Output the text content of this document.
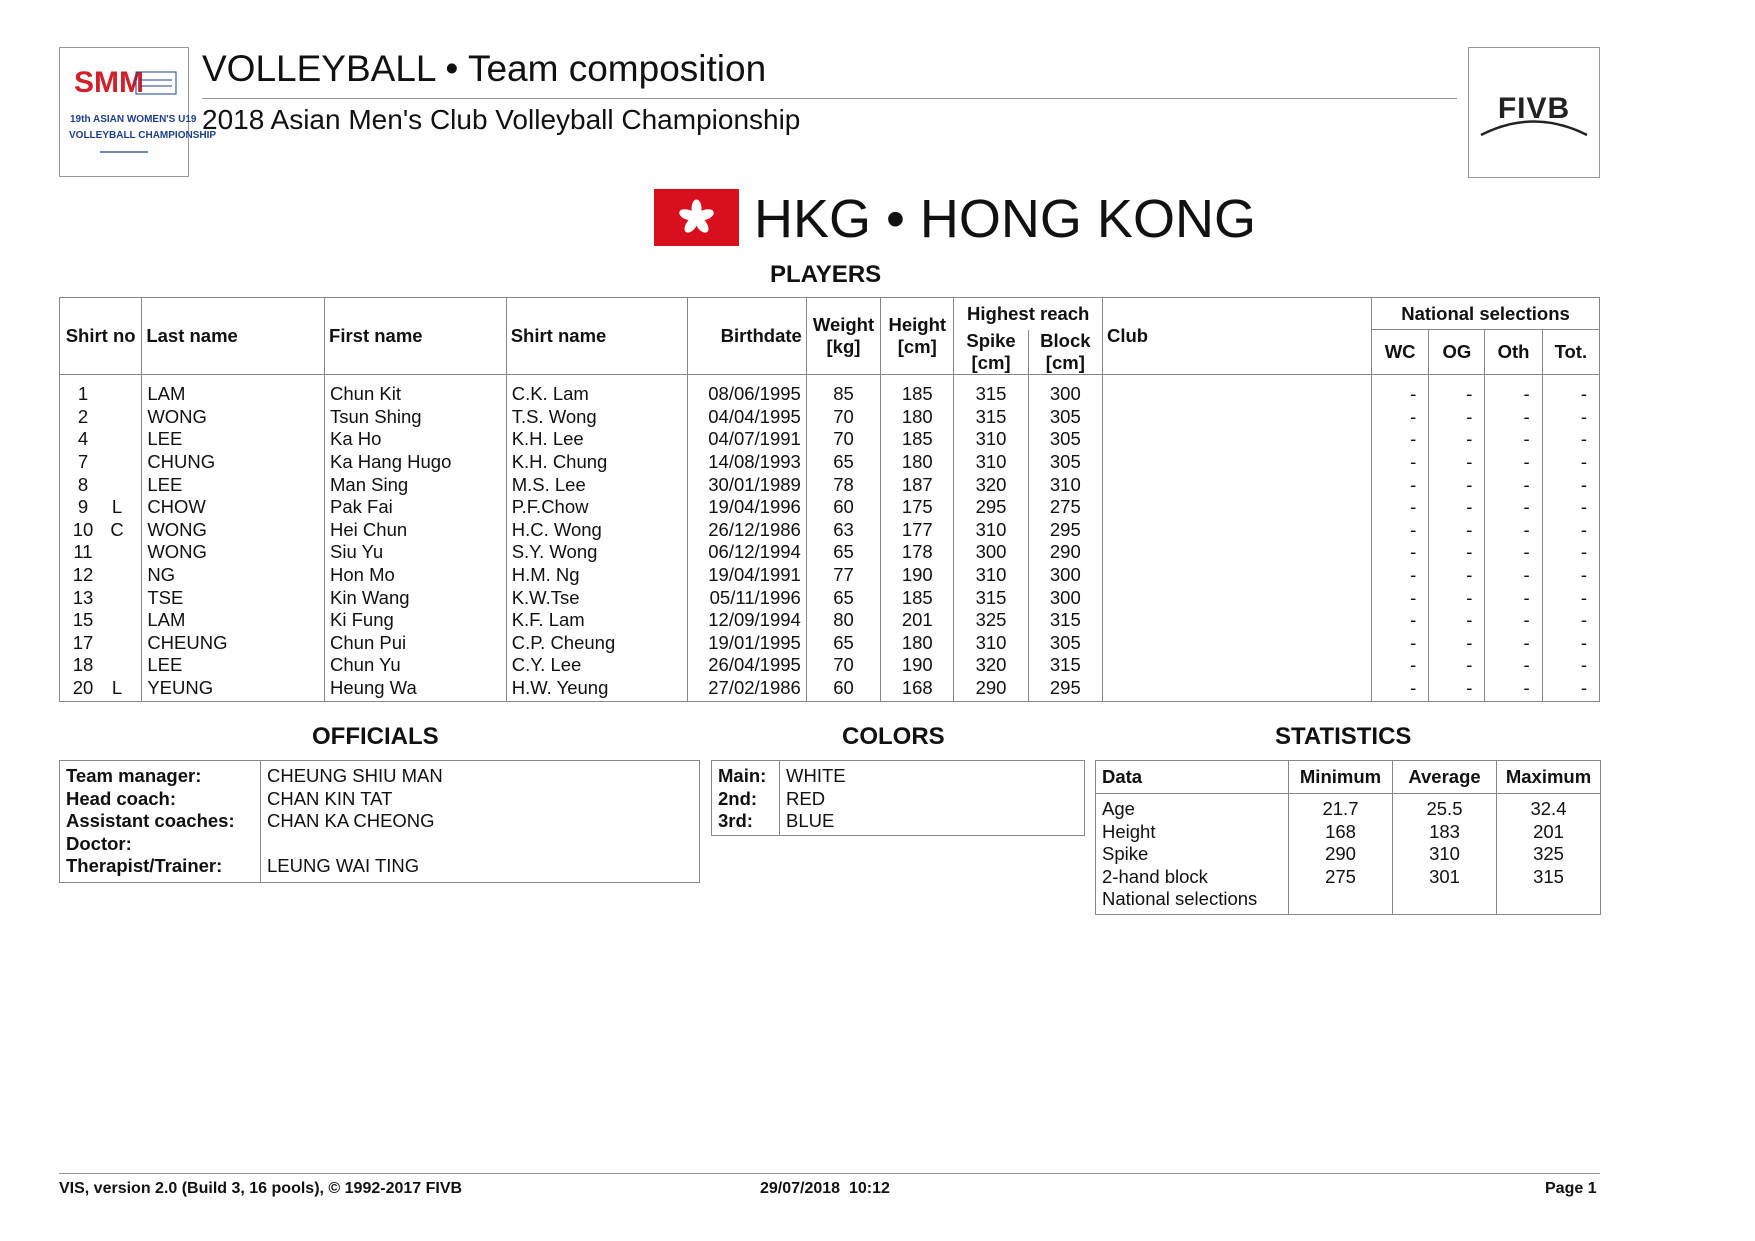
SMM
19th ASIAN WOMEN'S U19
VOLLEYBALL CHAMPIONSHIP
VOLLEYBALL • Team composition
2018 Asian Men's Club Volleyball Championship	FIVB
HKG • HONG KONG
PLAYERS
Shirt no	Last name	First name	Shirt name	Birthdate	Weight [kg]	Height [cm]	Highest reach		Club	National selections			
							Spike [cm]	Block [cm]		WC	OG	Oth	Tot.
1	LAM	Chun Kit	C.K. Lam	08/06/1995	85	185	315	300		-	-	-	-
2	WONG	Tsun Shing	T.S. Wong	04/04/1995	70	180	315	305		-	-	-	-
4	LEE	Ka Ho	K.H. Lee	04/07/1991	70	185	310	305		-	-	-	-
7	CHUNG	Ka Hang Hugo	K.H. Chung	14/08/1993	65	180	310	305		-	-	-	-
8	LEE	Man Sing	M.S. Lee	30/01/1989	78	187	320	310		-	-	-	-
9 L	CHOW	Pak Fai	P.F.Chow	19/04/1996	60	175	295	275		-	-	-	-
10 C	WONG	Hei Chun	H.C. Wong	26/12/1986	63	177	310	295		-	-	-	-
11	WONG	Siu Yu	S.Y. Wong	06/12/1994	65	178	300	290		-	-	-	-
12	NG	Hon Mo	H.M. Ng	19/04/1991	77	190	310	300		-	-	-	-
13	TSE	Kin Wang	K.W.Tse	05/11/1996	65	185	315	300		-	-	-	-
15	LAM	Ki Fung	K.F. Lam	12/09/1994	80	201	325	315		-	-	-	-
17	CHEUNG	Chun Pui	C.P. Cheung	19/01/1995	65	180	310	305		-	-	-	-
18	LEE	Chun Yu	C.Y. Lee	26/04/1995	70	190	320	315		-	-	-	-
20 L	YEUNG	Heung Wa	H.W. Yeung	27/02/1986	60	168	290	295		-	-	-	-
OFFICIALS
Team manager:	CHEUNG SHIU MAN
Head coach:	CHAN KIN TAT
Assistant coaches:	CHAN KA CHEONG

Doctor:	
Therapist/Trainer:	LEUNG WAI TING
COLORS
Main:	WHITE
2nd:	RED
3rd:	BLUE
STATISTICS
Data	Minimum	Average	Maximum
Age	21.7	25.5	32.4
Height	168	183	201
Spike	290	310	325
2-hand block	275	301	315
National selections			
VIS, version 2.0 (Build 3, 16 pools), © 1992-2017 FIVB	29/07/2018  10:12	Page 1
